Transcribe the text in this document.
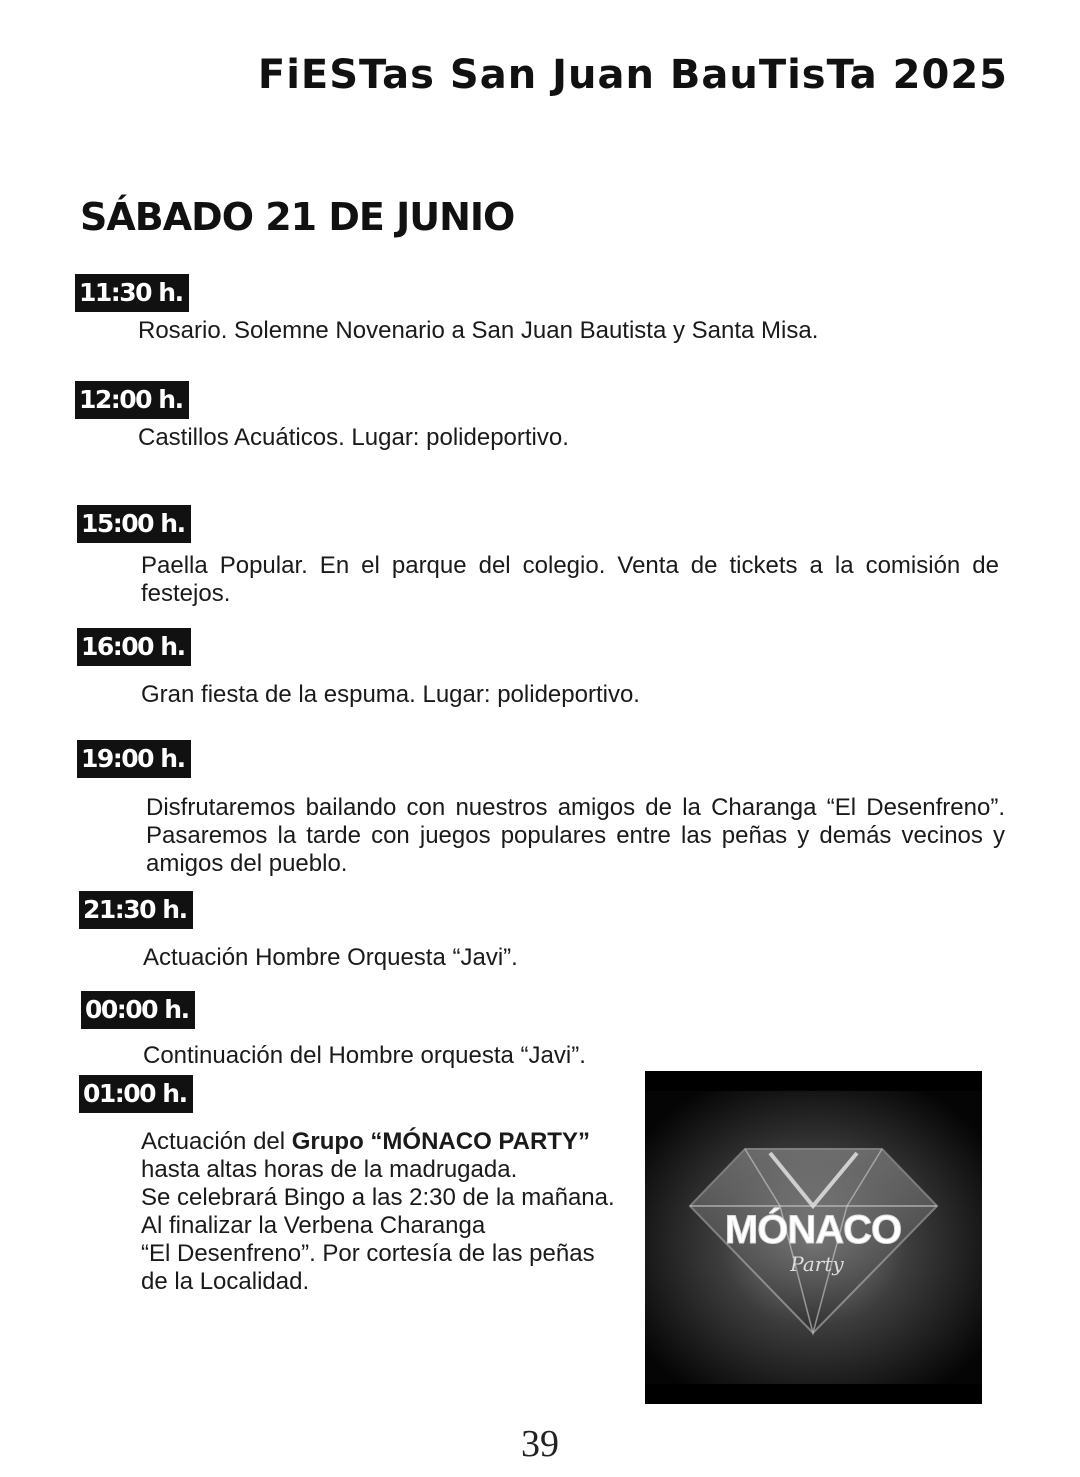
FiESTas San Juan BauTisTa 2025
SÁBADO 21 DE JUNIO
11:30 h.
Rosario. Solemne Novenario a San Juan Bautista y Santa Misa.
12:00 h.
Castillos Acuáticos. Lugar: polideportivo.
15:00 h.
Paella Popular. En el parque del colegio. Venta de tickets a la comisión de festejos.
16:00 h.
Gran fiesta de la espuma. Lugar: polideportivo.
19:00 h.
Disfrutaremos bailando con nuestros amigos de la Charanga “El Desenfreno”. Pasaremos la tarde con juegos populares entre las peñas y demás vecinos y amigos del pueblo.
21:30 h.
Actuación Hombre Orquesta “Javi”.
00:00 h.
Continuación del Hombre orquesta “Javi”.
01:00 h.
Actuación del Grupo “MÓNACO PARTY”
hasta altas horas de la madrugada.
Se celebrará Bingo a las 2:30 de la mañana.
Al finalizar la Verbena Charanga
“El Desenfreno”. Por cortesía de las peñas
de la Localidad.
MÓNACO
Party
39
